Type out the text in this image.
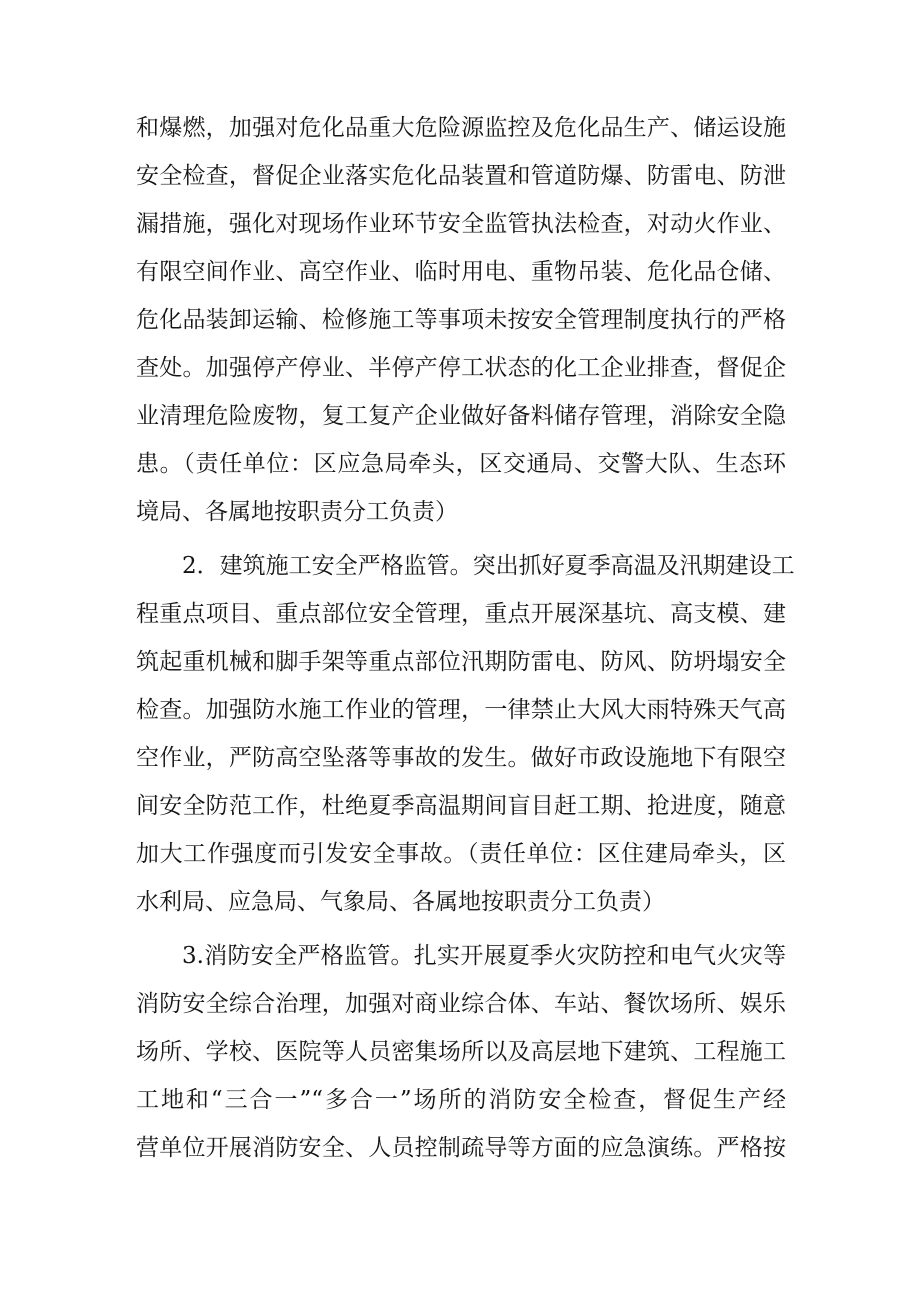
和爆燃，加强对危化品重大危险源监控及危化品生产、储运设施
安全检查，督促企业落实危化品装置和管道防爆、防雷电、防泄
漏措施，强化对现场作业环节安全监管执法检查，对动火作业、
有限空间作业、高空作业、临时用电、重物吊装、危化品仓储、
危化品装卸运输、检修施工等事项未按安全管理制度执行的严格
查处。加强停产停业、半停产停工状态的化工企业排查，督促企
业清理危险废物，复工复产企业做好备料储存管理，消除安全隐
患。（责任单位：区应急局牵头，区交通局、交警大队、生态环
境局、各属地按职责分工负责）
2．建筑施工安全严格监管。突出抓好夏季高温及汛期建设工
程重点项目、重点部位安全管理，重点开展深基坑、高支模、建
筑起重机械和脚手架等重点部位汛期防雷电、防风、防坍塌安全
检查。加强防水施工作业的管理，一律禁止大风大雨特殊天气高
空作业，严防高空坠落等事故的发生。做好市政设施地下有限空
间安全防范工作，杜绝夏季高温期间盲目赶工期、抢进度，随意
加大工作强度而引发安全事故。（责任单位：区住建局牵头，区
水利局、应急局、气象局、各属地按职责分工负责）
3.消防安全严格监管。扎实开展夏季火灾防控和电气火灾等
消防安全综合治理，加强对商业综合体、车站、餐饮场所、娱乐
场所、学校、医院等人员密集场所以及高层地下建筑、工程施工
工地和“三合一”“多合一”场所的消防安全检查，督促生产经
营单位开展消防安全、人员控制疏导等方面的应急演练。严格按
